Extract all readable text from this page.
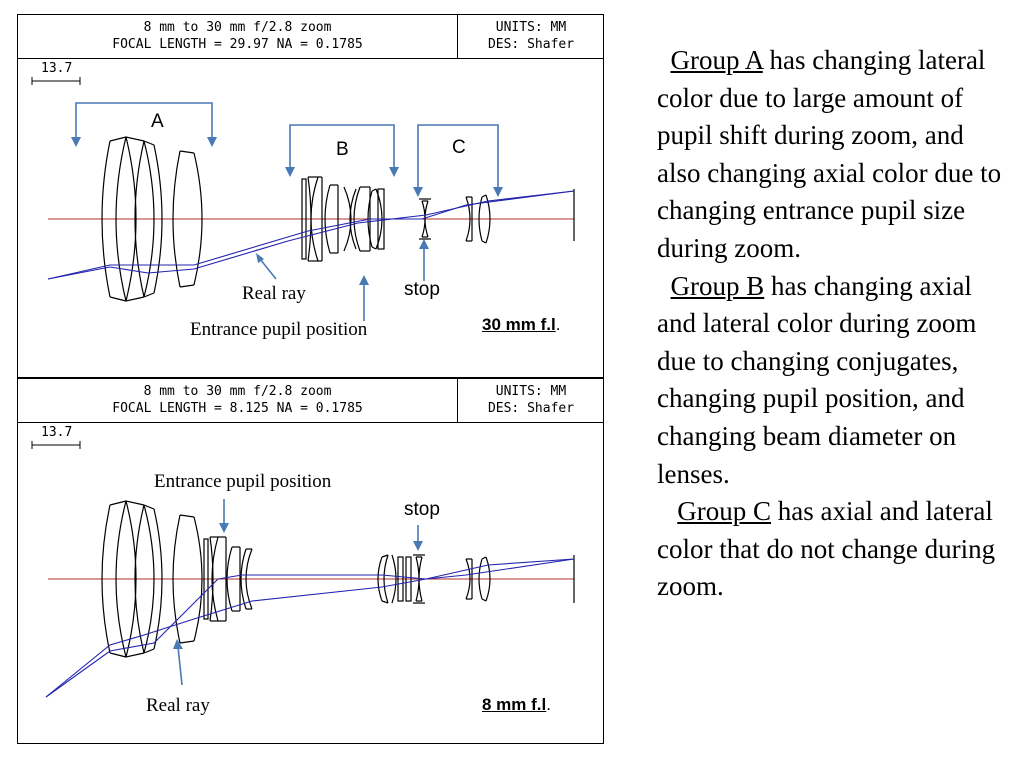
8 mm to 30 mm f/2.8 zoom
FOCAL LENGTH = 29.97 NA = 0.1785
UNITS: MM
DES: Shafer
13.7
A
B	C
Real ray	stop
Entrance pupil position	30 mm f.l.
8 mm to 30 mm f/2.8 zoom
FOCAL LENGTH = 8.125 NA = 0.1785
UNITS: MM
DES: Shafer
13.7
Entrance pupil position
stop
Real ray	8 mm f.l.

Group A has changing lateral color due to large amount of pupil shift during zoom, and also changing axial color due to changing entrance pupil size during zoom.

Group B has changing axial and lateral color during zoom due to changing conjugates, changing pupil position, and changing beam diameter on lenses.

Group C has axial and lateral color that do not change during zoom.
